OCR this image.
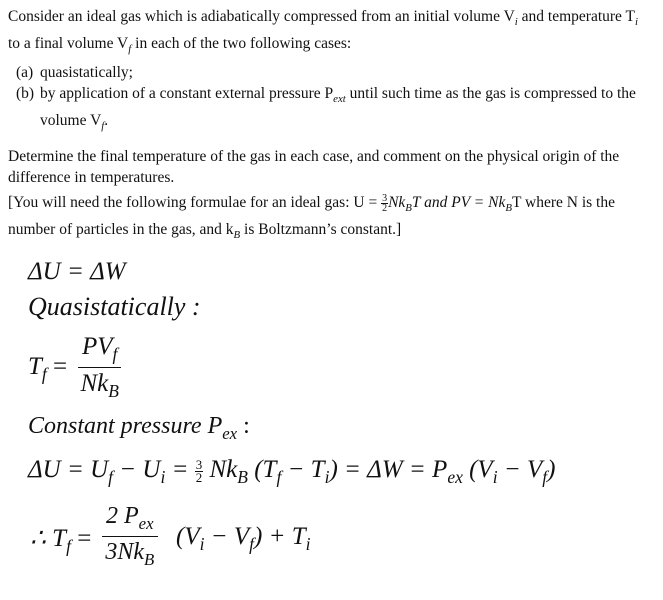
Consider an ideal gas which is adiabatically compressed from an initial volume $V_i$ and temperature $T_i$ to a final volume $V_f$ in each of the two following cases:
(a) quasistatically;
(b) by application of a constant external pressure $P_{ext}$ until such time as the gas is compressed to the volume $V_f$.
Determine the final temperature of the gas in each case, and comment on the physical origin of the difference in temperatures.
[You will need the following formulae for an ideal gas: $U = \frac{3}{2} Nk_BT$ and PV = $Nk_BT$ where N is the number of particles in the gas, and $k_B$ is Boltzmann’s constant.]
ΔU = ΔW
Quasistatically :
$T_f$ =
$PV_f$
$Nk_B$
Constant pressure $P_{ex}$ :
$\Delta U = U_f - U_i = \frac{3}{2} Nk_B$ $(T_f - T_i) = \Delta W = P_{ex}$ $(V_i - V_f)$
∴ $T_f$ =
2 $P_{ex}$
$3Nk_B$
$(V_i - V_f) + T_i$
